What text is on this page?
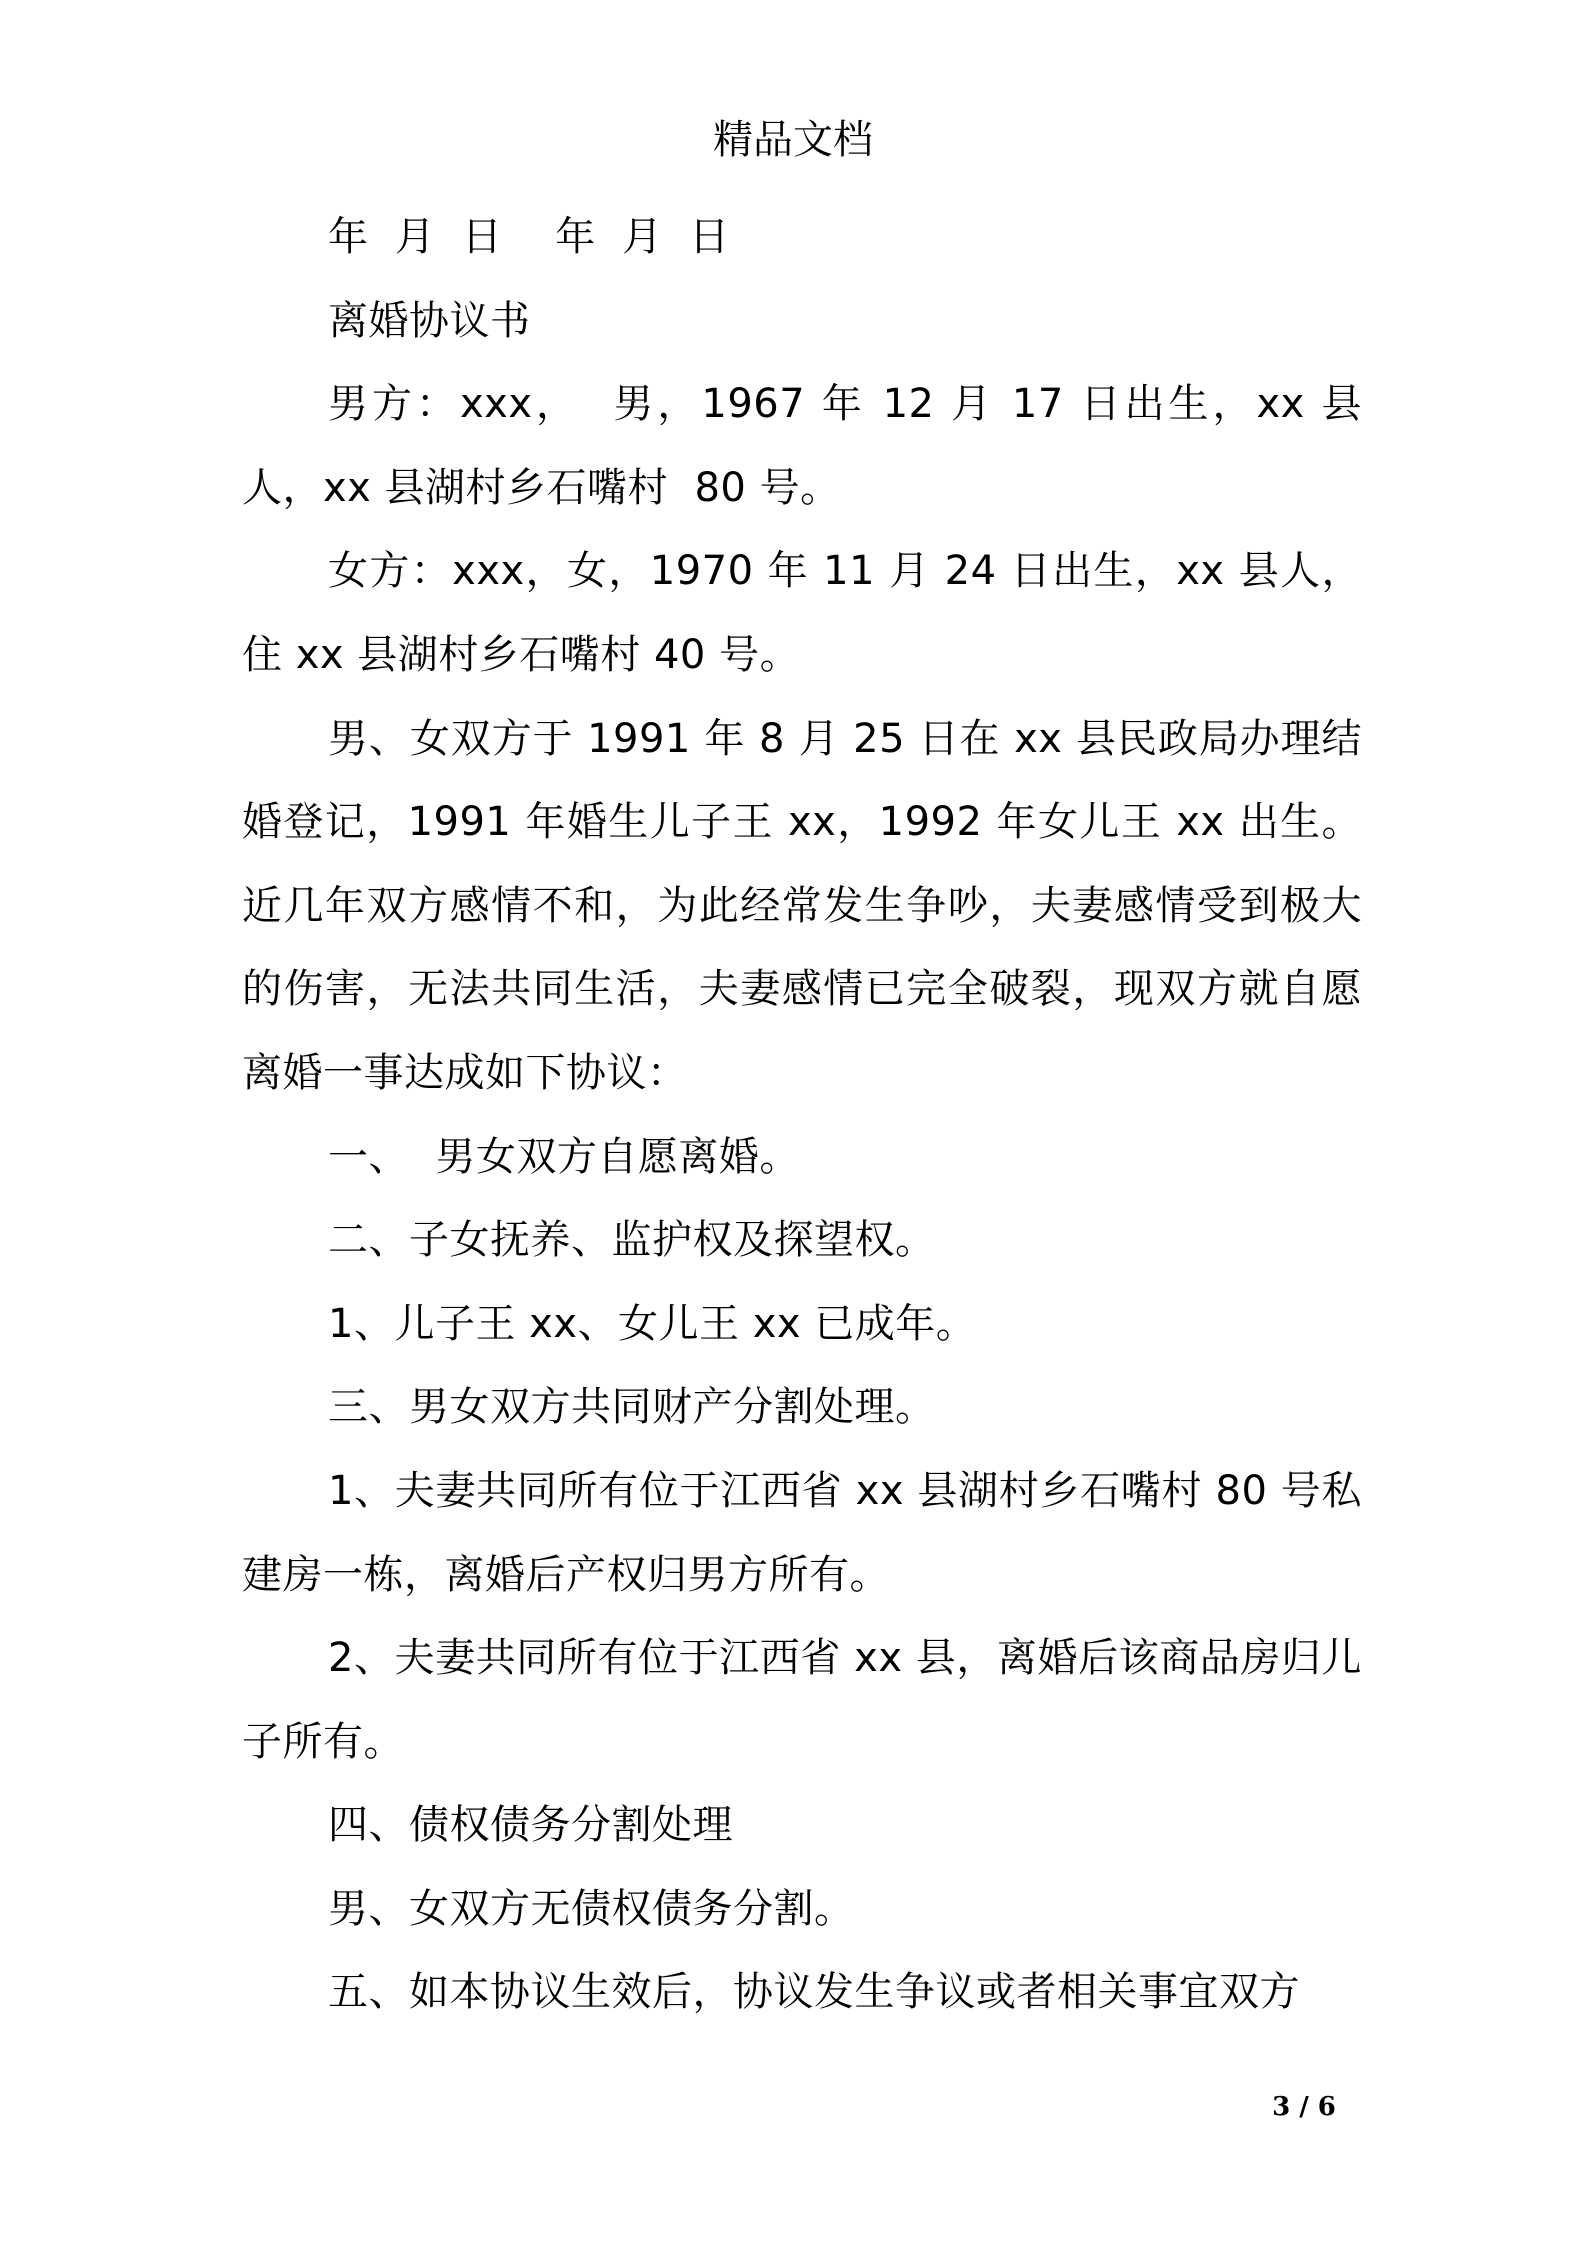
精品文档

年  月  日    年  月  日

离婚协议书

男方：xxx，  男，1967 年 12 月 17 日出生，xx 县人，xx 县湖村乡石嘴村  80 号。

女方：xxx，女，1970 年 11 月 24 日出生，xx 县人，住 xx 县湖村乡石嘴村 40 号。

男、女双方于 1991 年 8 月 25 日在 xx 县民政局办理结婚登记，1991 年婚生儿子王 xx，1992 年女儿王 xx 出生。近几年双方感情不和，为此经常发生争吵，夫妻感情受到极大的伤害，无法共同生活，夫妻感情已完全破裂，现双方就自愿离婚一事达成如下协议：

一、  男女双方自愿离婚。

二、子女抚养、监护权及探望权。

1、儿子王 xx、女儿王 xx 已成年。

三、男女双方共同财产分割处理。

1、夫妻共同所有位于江西省 xx 县湖村乡石嘴村 80 号私建房一栋，离婚后产权归男方所有。

2、夫妻共同所有位于江西省 xx 县，离婚后该商品房归儿子所有。

四、债权债务分割处理

男、女双方无债权债务分割。

五、如本协议生效后，协议发生争议或者相关事宜双方

3 / 6
